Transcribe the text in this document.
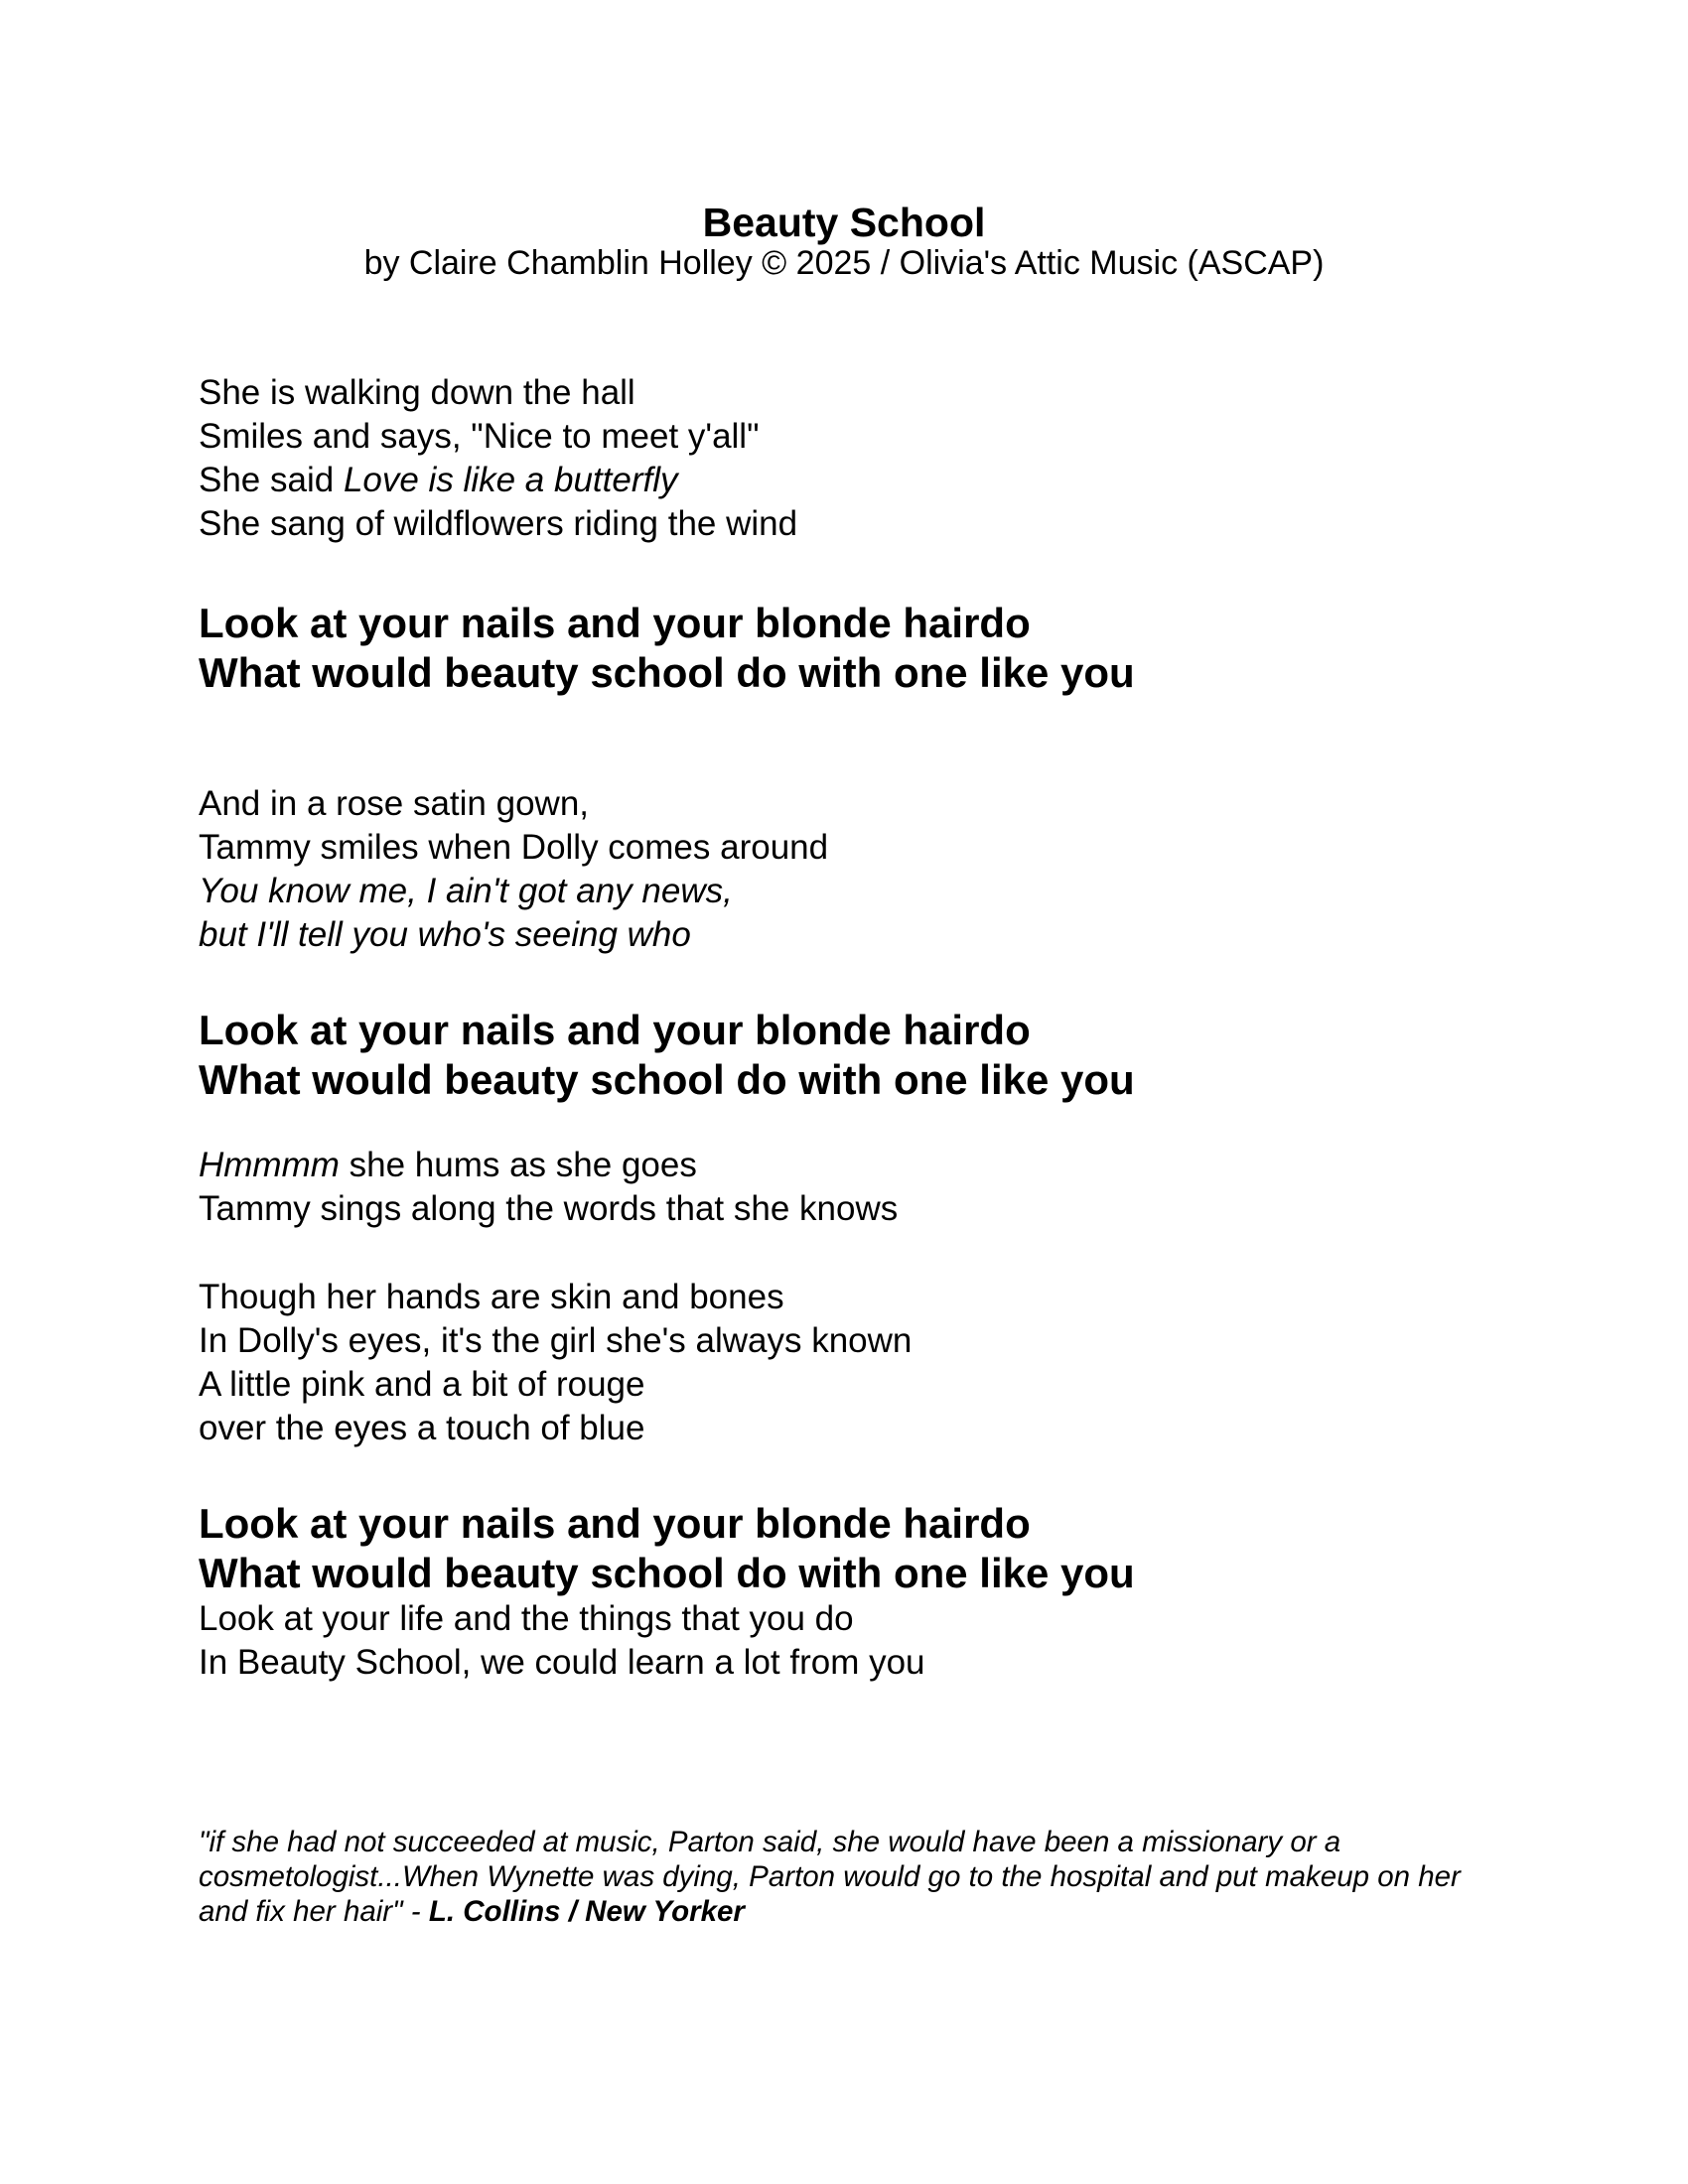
Beauty School
by Claire Chamblin Holley © 2025 / Olivia's Attic Music (ASCAP)
She is walking down the hall
Smiles and says, "Nice to meet y'all"
She said Love is like a butterfly
She sang of wildflowers riding the wind
Look at your nails and your blonde hairdo
What would beauty school do with one like you
And in a rose satin gown,
Tammy smiles when Dolly comes around
You know me, I ain't got any news,
but I'll tell you who's seeing who
Look at your nails and your blonde hairdo
What would beauty school do with one like you
Hmmmm she hums as she goes
Tammy sings along the words that she knows
Though her hands are skin and bones
In Dolly's eyes, it's the girl she's always known
A little pink and a bit of rouge
over the eyes a touch of blue
Look at your nails and your blonde hairdo
What would beauty school do with one like you
Look at your life and the things that you do
In Beauty School, we could learn a lot from you
"if she had not succeeded at music, Parton said, she would have been a missionary or a cosmetologist...When Wynette was dying, Parton would go to the hospital and put makeup on her and fix her hair" - L. Collins / New Yorker
